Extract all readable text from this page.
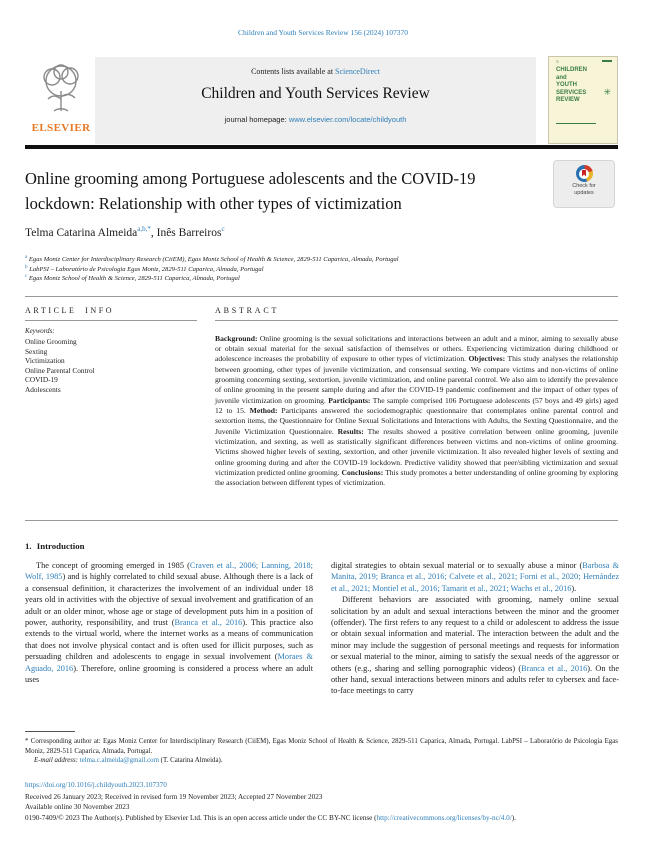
Children and Youth Services Review 156 (2024) 107370
ELSEVIER
Contents lists available at ScienceDirect
Children and Youth Services Review
journal homepage: www.elsevier.com/locate/childyouth
≡
CHILDREN
and
YOUTH
SERVICES
REVIEW
✳
Online grooming among Portuguese adolescents and the COVID-19 lockdown: Relationship with other types of victimization
Check for
updates
Telma Catarina Almeida$^{a,b,*}$, Inês Barreiros$^c$
$^a$ Egas Moniz Center for Interdisciplinary Research (CiiEM), Egas Moniz School of Health & Science, 2829-511 Caparica, Almada, Portugal
$^b$ LabPSI – Laboratório de Psicologia Egas Moniz, 2829-511 Caparica, Almada, Portugal
$^c$ Egas Moniz School of Health & Science, 2829-511 Caparica, Almada, Portugal
ARTICLE INFO
Keywords:
Online Grooming
Sexting
Victimization
Online Parental Control
COVID-19
Adolescents
ABSTRACT

Background: Online grooming is the sexual solicitations and interactions between an adult and a minor, aiming to sexually abuse or obtain sexual material for the sexual satisfaction of themselves or others. Experiencing victimization during childhood or adolescence increases the probability of exposure to other types of victimization. Objectives: This study analyses the relationship between grooming, other types of juvenile victimization, and consensual sexting. We compare victims and non-victims of online grooming concerning sexting, sextortion, juvenile victimization, and online parental control. We also aim to identify the prevalence of online grooming in the present sample during and after the COVID-19 pandemic confinement and the impact of other types of juvenile victimization on grooming. Participants: The sample comprised 106 Portuguese adolescents (57 boys and 49 girls) aged 12 to 15. Method: Participants answered the sociodemographic questionnaire that contemplates online parental control and sextortion items, the Questionnaire for Online Sexual Solicitations and Interactions with Adults, the Sexting Questionnaire, and the Juvenile Victimization Questionnaire. Results: The results showed a positive correlation between online grooming, juvenile victimization, and sexting, as well as statistically significant differences between victims and non-victims of online grooming. Victims showed higher levels of sexting, sextortion, and other juvenile victimization. It also revealed higher levels of sexting and online grooming during and after the COVID-19 lockdown. Predictive validity showed that peer/sibling victimization and sexual victimization predicted online grooming. Conclusions: This study promotes a better understanding of online grooming by exploring the association between different types of victimization.

1. Introduction

The concept of grooming emerged in 1985 (Craven et al., 2006; Lanning, 2018; Wolf, 1985) and is highly correlated to child sexual abuse. Although there is a lack of a consensual definition, it characterizes the involvement of an individual under 18 years old in activities with the objective of sexual involvement and gratification of an adult or an older minor, whose age or stage of development puts him in a position of power, authority, responsibility, and trust (Branca et al., 2016). This practice also extends to the virtual world, where the internet works as a means of communication that does not involve physical contact and is often used for illicit purposes, such as persuading children and adolescents to engage in sexual involvement (Moraes & Aguado, 2016). Therefore, online grooming is considered a process where an adult uses

digital strategies to obtain sexual material or to sexually abuse a minor (Barbosa & Manita, 2019; Branca et al., 2016; Calvete et al., 2021; Forni et al., 2020; Hernández et al., 2021; Montiel et al., 2016; Tamarit et al., 2021; Wachs et al., 2016).

Different behaviors are associated with grooming, namely online sexual solicitation by an adult and sexual interactions between the minor and the groomer (offender). The first refers to any request to a child or adolescent to address the issue or obtain sexual information and material. The interaction between the adult and the minor may include the suggestion of personal meetings and requests for information or sexual material to the minor, aiming to satisfy the sexual needs of the aggressor or others (e.g., sharing and selling pornographic videos) (Branca et al., 2016). On the other hand, sexual interactions between minors and adults refer to cybersex and face-to-face meetings to carry

* Corresponding author at: Egas Moniz Center for Interdisciplinary Research (CiiEM), Egas Moniz School of Health & Science, 2829-511 Caparica, Almada, Portugal. LabPSI – Laboratório de Psicologia Egas Moniz, 2829-511 Caparica, Almada, Portugal.

E-mail address: telma.c.almeida@gmail.com (T. Catarina Almeida).

https://doi.org/10.1016/j.childyouth.2023.107370
Received 26 January 2023; Received in revised form 19 November 2023; Accepted 27 November 2023
Available online 30 November 2023

0190-7409/© 2023 The Author(s). Published by Elsevier Ltd. This is an open access article under the CC BY-NC license (http://creativecommons.org/licenses/by-nc/4.0/).
